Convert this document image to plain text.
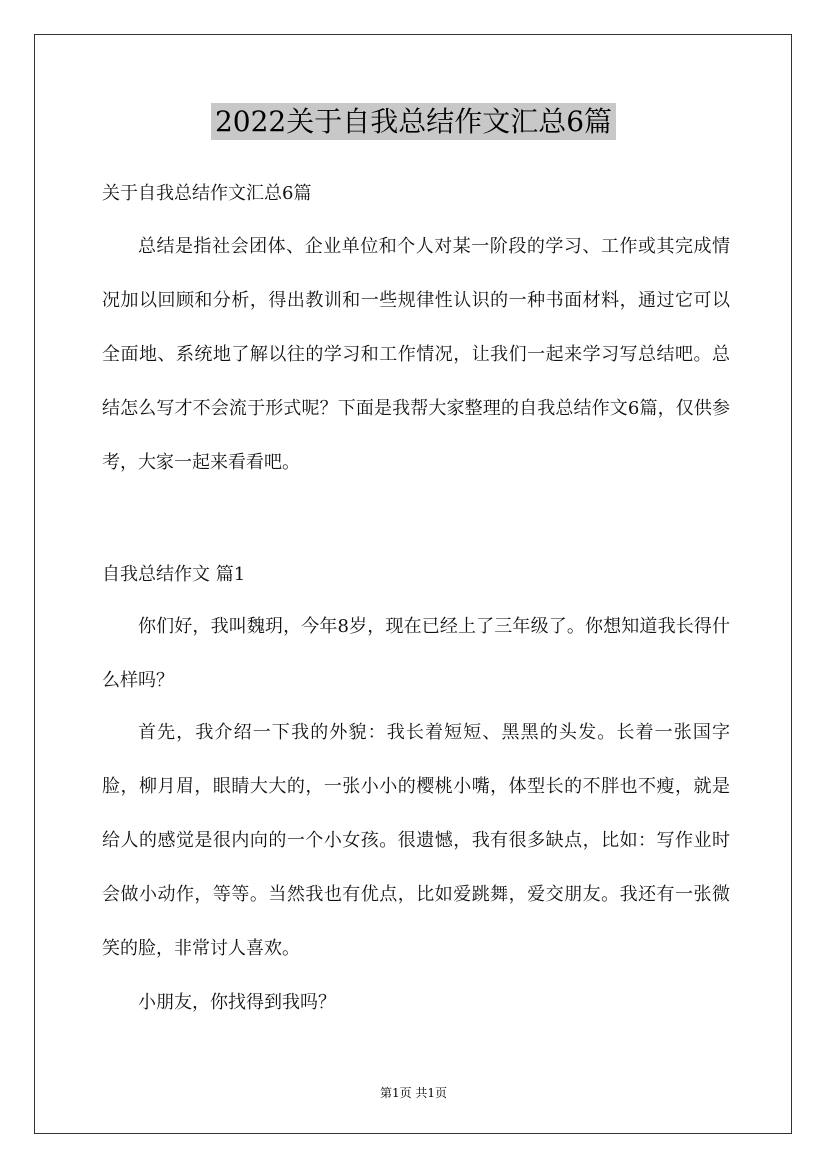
2022关于自我总结作文汇总6篇
关于自我总结作文汇总6篇
总结是指社会团体、企业单位和个人对某一阶段的学习、工作或其完成情况加以回顾和分析，得出教训和一些规律性认识的一种书面材料，通过它可以全面地、系统地了解以往的学习和工作情况，让我们一起来学习写总结吧。总结怎么写才不会流于形式呢？下面是我帮大家整理的自我总结作文6篇，仅供参考，大家一起来看看吧。
自我总结作文 篇1
你们好，我叫魏玥，今年8岁，现在已经上了三年级了。你想知道我长得什么样吗？
首先，我介绍一下我的外貌：我长着短短、黑黑的头发。长着一张国字脸，柳月眉，眼睛大大的，一张小小的樱桃小嘴，体型长的不胖也不瘦，就是给人的感觉是很内向的一个小女孩。很遗憾，我有很多缺点，比如：写作业时会做小动作，等等。当然我也有优点，比如爱跳舞，爱交朋友。我还有一张微笑的脸，非常讨人喜欢。
小朋友，你找得到我吗？
第1页 共1页
